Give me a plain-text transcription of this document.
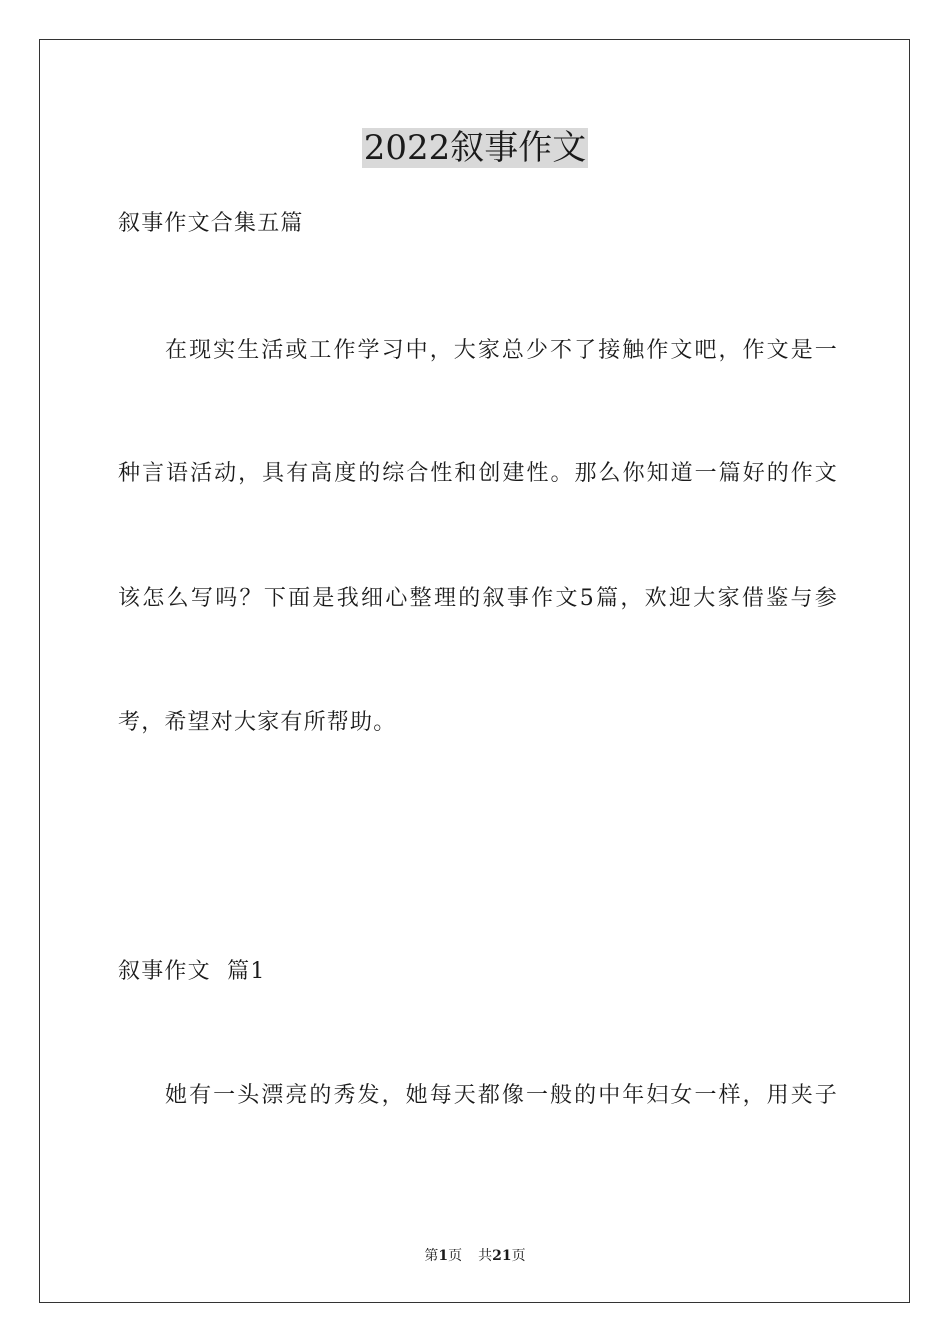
2022叙事作文

叙事作文合集五篇

在现实生活或工作学习中，大家总少不了接触作文吧，作文是一

种言语活动，具有高度的综合性和创建性。那么你知道一篇好的作文

该怎么写吗？下面是我细心整理的叙事作文5篇，欢迎大家借鉴与参

考，希望对大家有所帮助。

叙事作文  篇1

她有一头漂亮的秀发，她每天都像一般的中年妇女一样，用夹子

第1页 共21页
